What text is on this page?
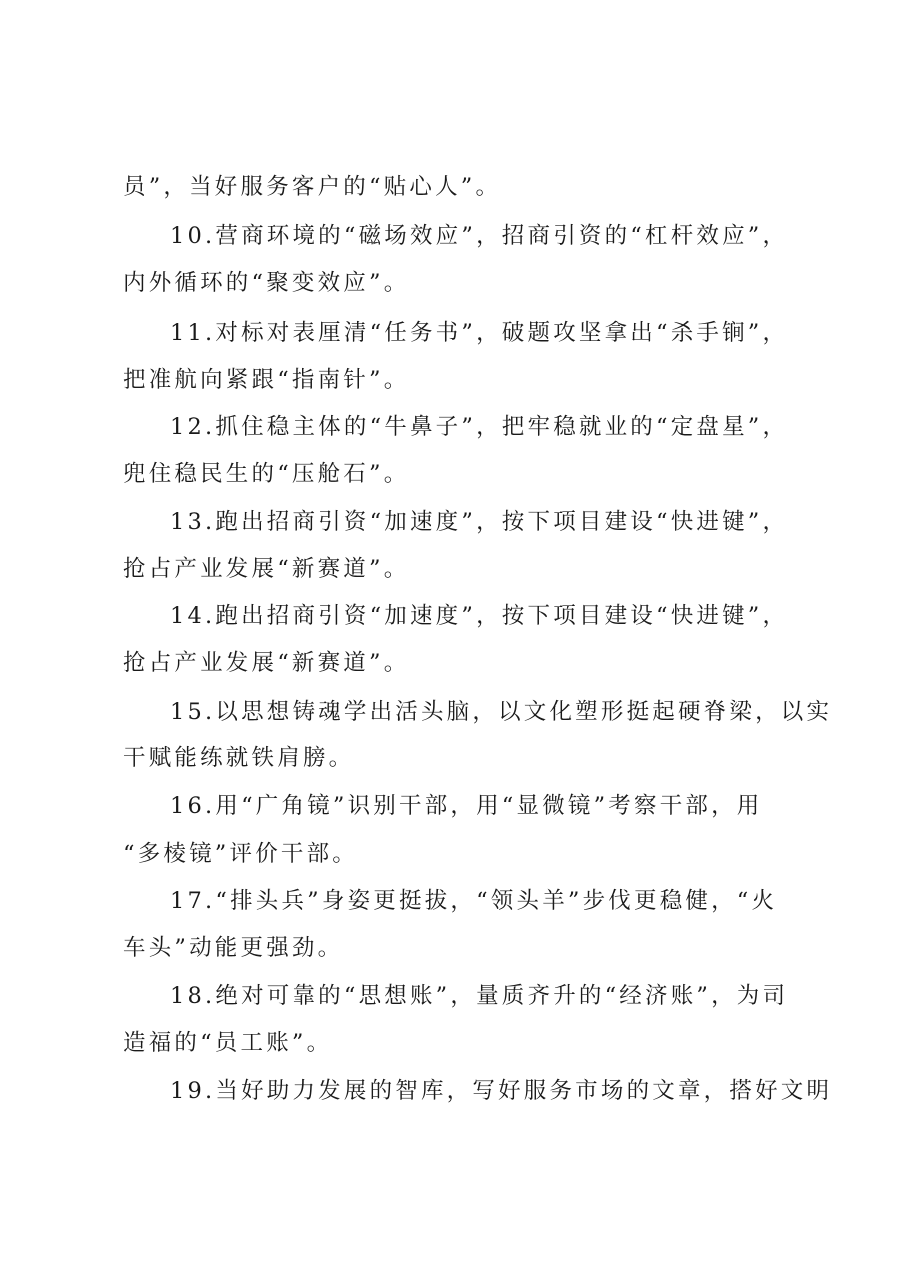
员”，当好服务客户的“贴心人”。
10.营商环境的“磁场效应”，招商引资的“杠杆效应”，
内外循环的“聚变效应”。
11.对标对表厘清“任务书”，破题攻坚拿出“杀手锏”，
把准航向紧跟“指南针”。
12.抓住稳主体的“牛鼻子”，把牢稳就业的“定盘星”，
兜住稳民生的“压舱石”。
13.跑出招商引资“加速度”，按下项目建设“快进键”，
抢占产业发展“新赛道”。
14.跑出招商引资“加速度”，按下项目建设“快进键”，
抢占产业发展“新赛道”。
15.以思想铸魂学出活头脑，以文化塑形挺起硬脊梁，以实
干赋能练就铁肩膀。
16.用“广角镜”识别干部，用“显微镜”考察干部，用
“多棱镜”评价干部。
17.“排头兵”身姿更挺拔，“领头羊”步伐更稳健，“火
车头”动能更强劲。
18.绝对可靠的“思想账”，量质齐升的“经济账”，为司
造福的“员工账”。
19.当好助力发展的智库，写好服务市场的文章，搭好文明
